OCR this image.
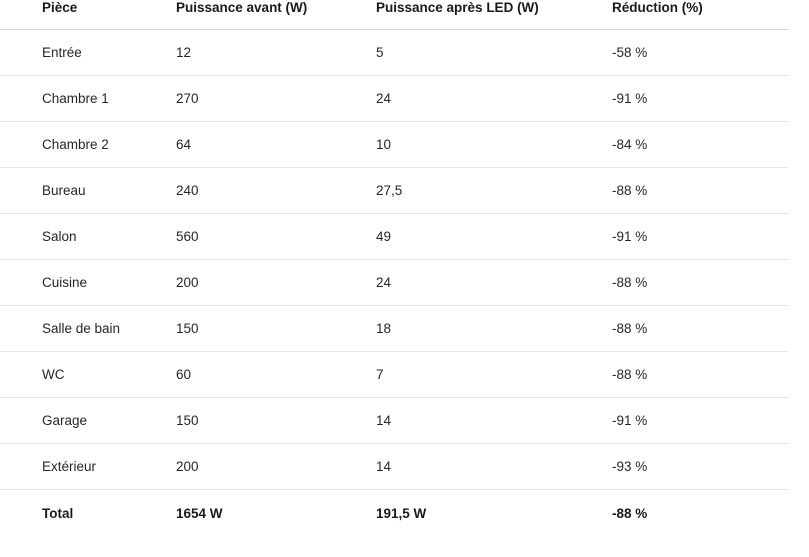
Pièce	Puissance avant (W)	Puissance après LED (W)	Réduction (%)
Entrée	12	5	-58 %
Chambre 1	270	24	-91 %
Chambre 2	64	10	-84 %
Bureau	240	27,5	-88 %
Salon	560	49	-91 %
Cuisine	200	24	-88 %
Salle de bain	150	18	-88 %
WC	60	7	-88 %
Garage	150	14	-91 %
Extérieur	200	14	-93 %
Total	1654 W	191,5 W	-88 %
